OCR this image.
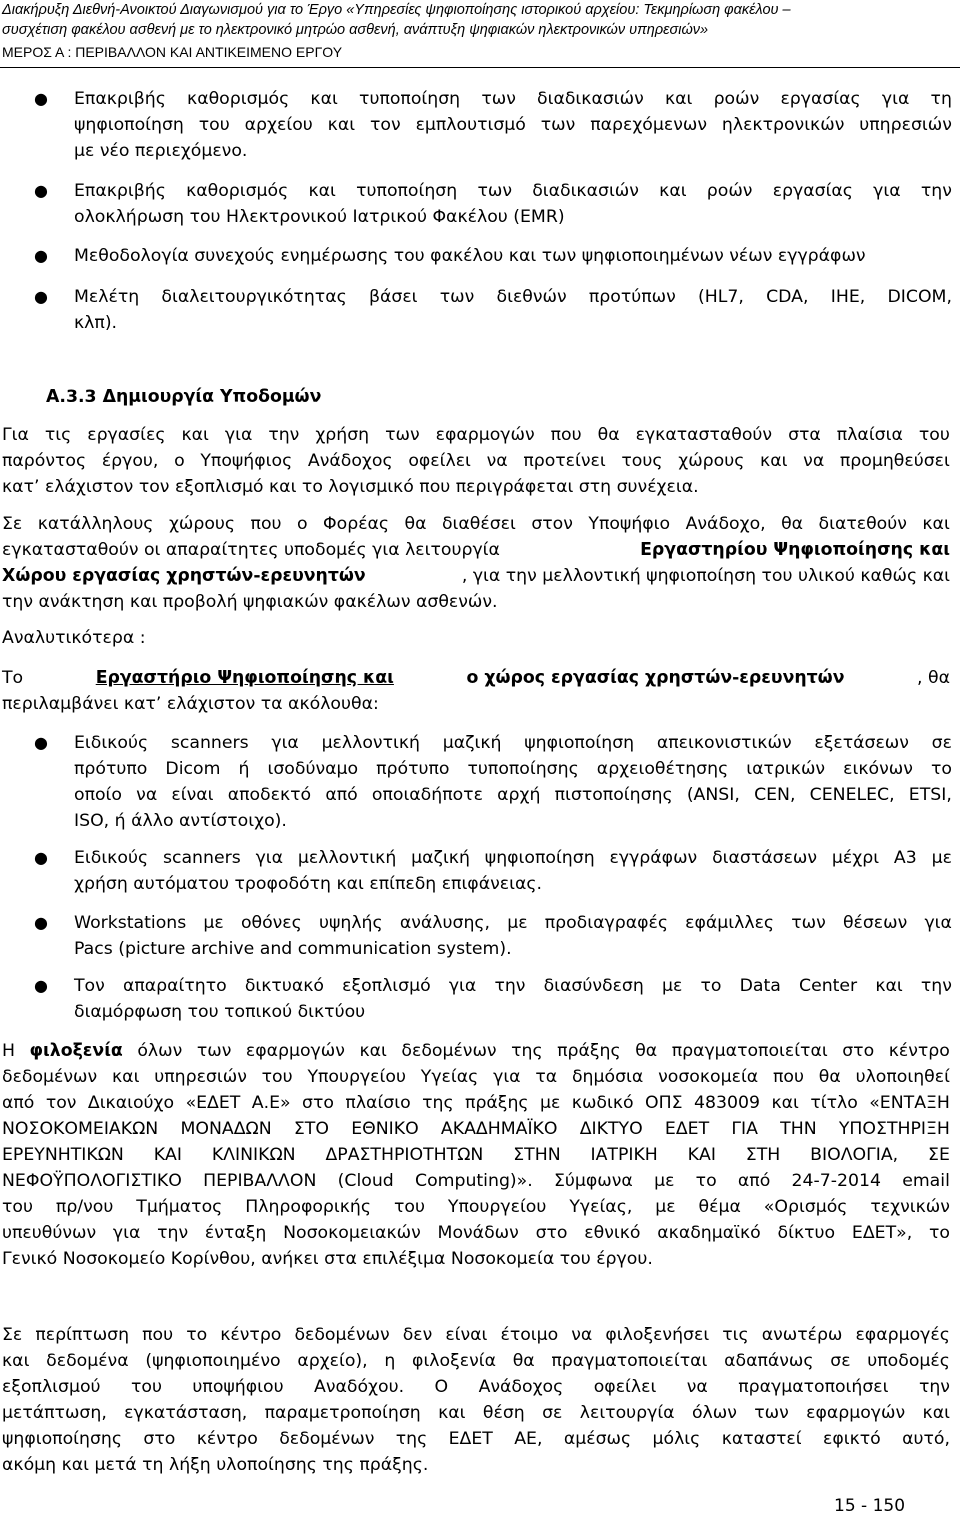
Διακήρυξη Διεθνή-Ανοικτού Διαγωνισμού για το Έργο «Υπηρεσίες ψηφιοποίησης ιστορικού αρχείου: Τεκμηρίωση φακέλου –
συσχέτιση φακέλου ασθενή με το ηλεκτρονικό μητρώο ασθενή, ανάπτυξη ψηφιακών ηλεκτρονικών υπηρεσιών»
ΜΕΡΟΣ Α : ΠΕΡΙΒΑΛΛΟΝ ΚΑΙ ΑΝΤΙΚΕΙΜΕΝΟ ΕΡΓΟΥ
● Επακριβής καθορισμός και τυποποίηση των διαδικασιών και ροών εργασίας για τη
ψηφιοποίηση του αρχείου και τον εμπλουτισμό των παρεχόμενων ηλεκτρονικών υπηρεσιών
με νέο περιεχόμενο.
● Επακριβής καθορισμός και τυποποίηση των διαδικασιών και ροών εργασίας για την
ολοκλήρωση του Ηλεκτρονικού Ιατρικού Φακέλου (EMR)
● Μεθοδολογία συνεχούς ενημέρωσης του φακέλου και των ψηφιοποιημένων νέων εγγράφων
● Μελέτη διαλειτουργικότητας βάσει των διεθνών προτύπων (HL7, CDA, IHE, DICOM,
κλπ).
Α.3.3 Δημιουργία Υποδομών
Για τις εργασίες και για την χρήση των εφαρμογών που θα εγκατασταθούν στα πλαίσια του
παρόντος έργου, ο Υποψήφιος Ανάδοχος οφείλει να προτείνει τους χώρους και να προμηθεύσει
κατ’ ελάχιστον τον εξοπλισμό και το λογισμικό που περιγράφεται στη συνέχεια.
Σε κατάλληλους χώρους που ο Φορέας θα διαθέσει στον Υποψήφιο Ανάδοχο, θα διατεθούν και
εγκατασταθούν οι απαραίτητες υποδομές για λειτουργία	Εργαστηρίου Ψηφιοποίησης και
Χώρου εργασίας χρηστών-ερευνητών	, για την μελλοντική ψηφιοποίηση του υλικού καθώς και
την ανάκτηση και προβολή ψηφιακών φακέλων ασθενών.
Αναλυτικότερα :
Το	Εργαστήριο Ψηφιοποίησης και	ο χώρος εργασίας χρηστών-ερευνητών	, θα
περιλαμβάνει κατ’ ελάχιστον τα ακόλουθα:
● Ειδικούς scanners για μελλοντική μαζική ψηφιοποίηση απεικονιστικών εξετάσεων σε
πρότυπο Dicom ή ισοδύναμο πρότυπο τυποποίησης αρχειοθέτησης ιατρικών εικόνων το
οποίο να είναι αποδεκτό από οποιαδήποτε αρχή πιστοποίησης (ANSI, CEN, CENELEC, ETSI,
ISO, ή άλλο αντίστοιχο).
● Ειδικούς scanners για μελλοντική μαζική ψηφιοποίηση εγγράφων διαστάσεων μέχρι Α3 με
χρήση αυτόματου τροφοδότη και επίπεδη επιφάνειας.
● Workstations με οθόνες υψηλής ανάλυσης, με προδιαγραφές εφάμιλλες των θέσεων για
Pacs (picture archive and communication system).
● Τον απαραίτητο δικτυακό εξοπλισμό για την διασύνδεση με το Data Center και την
διαμόρφωση του τοπικού δικτύου
Η φιλοξενία όλων των εφαρμογών και δεδομένων της πράξης θα πραγματοποιείται στο κέντρο
δεδομένων και υπηρεσιών του Υπουργείου Υγείας για τα δημόσια νοσοκομεία που θα υλοποιηθεί
από τον Δικαιούχο «ΕΔΕΤ Α.Ε» στο πλαίσιο της πράξης με κωδικό ΟΠΣ 483009 και τίτλο «ΕΝΤΑΞΗ
ΝΟΣΟΚΟΜΕΙΑΚΩΝ ΜΟΝΑΔΩΝ ΣΤΟ ΕΘΝΙΚΟ ΑΚΑΔΗΜΑΪΚΟ ΔΙΚΤΥΟ ΕΔΕΤ ΓΙΑ ΤΗΝ ΥΠΟΣΤΗΡΙΞΗ
ΕΡΕΥΝΗΤΙΚΩΝ ΚΑΙ ΚΛΙΝΙΚΩΝ ΔΡΑΣΤΗΡΙΟΤΗΤΩΝ ΣΤΗΝ ΙΑΤΡΙΚΗ ΚΑΙ ΣΤΗ ΒΙΟΛΟΓΙΑ, ΣΕ
ΝΕΦΟΫΠΟΛΟΓΙΣΤΙΚΟ ΠΕΡΙΒΑΛΛΟΝ (Cloud Computing)». Σύμφωνα με το από 24-7-2014 email
του πρ/νου Τμήματος Πληροφορικής του Υπουργείου Υγείας, με θέμα «Ορισμός τεχνικών
υπευθύνων για την ένταξη Νοσοκομειακών Μονάδων στο εθνικό ακαδημαϊκό δίκτυο ΕΔΕΤ», το
Γενικό Νοσοκομείο Κορίνθου, ανήκει στα επιλέξιμα Νοσοκομεία του έργου.
Σε περίπτωση που το κέντρο δεδομένων δεν είναι έτοιμο να φιλοξενήσει τις ανωτέρω εφαρμογές
και δεδομένα (ψηφιοποιημένο αρχείο), η φιλοξενία θα πραγματοποιείται αδαπάνως σε υποδομές
εξοπλισμού του υποψήφιου Αναδόχου. Ο Ανάδοχος οφείλει να πραγματοποιήσει την
μετάπτωση, εγκατάσταση, παραμετροποίηση και θέση σε λειτουργία όλων των εφαρμογών και
ψηφιοποίησης στο κέντρο δεδομένων της ΕΔΕΤ ΑΕ, αμέσως μόλις καταστεί εφικτό αυτό,
ακόμη και μετά τη λήξη υλοποίησης της πράξης.
15 - 150
